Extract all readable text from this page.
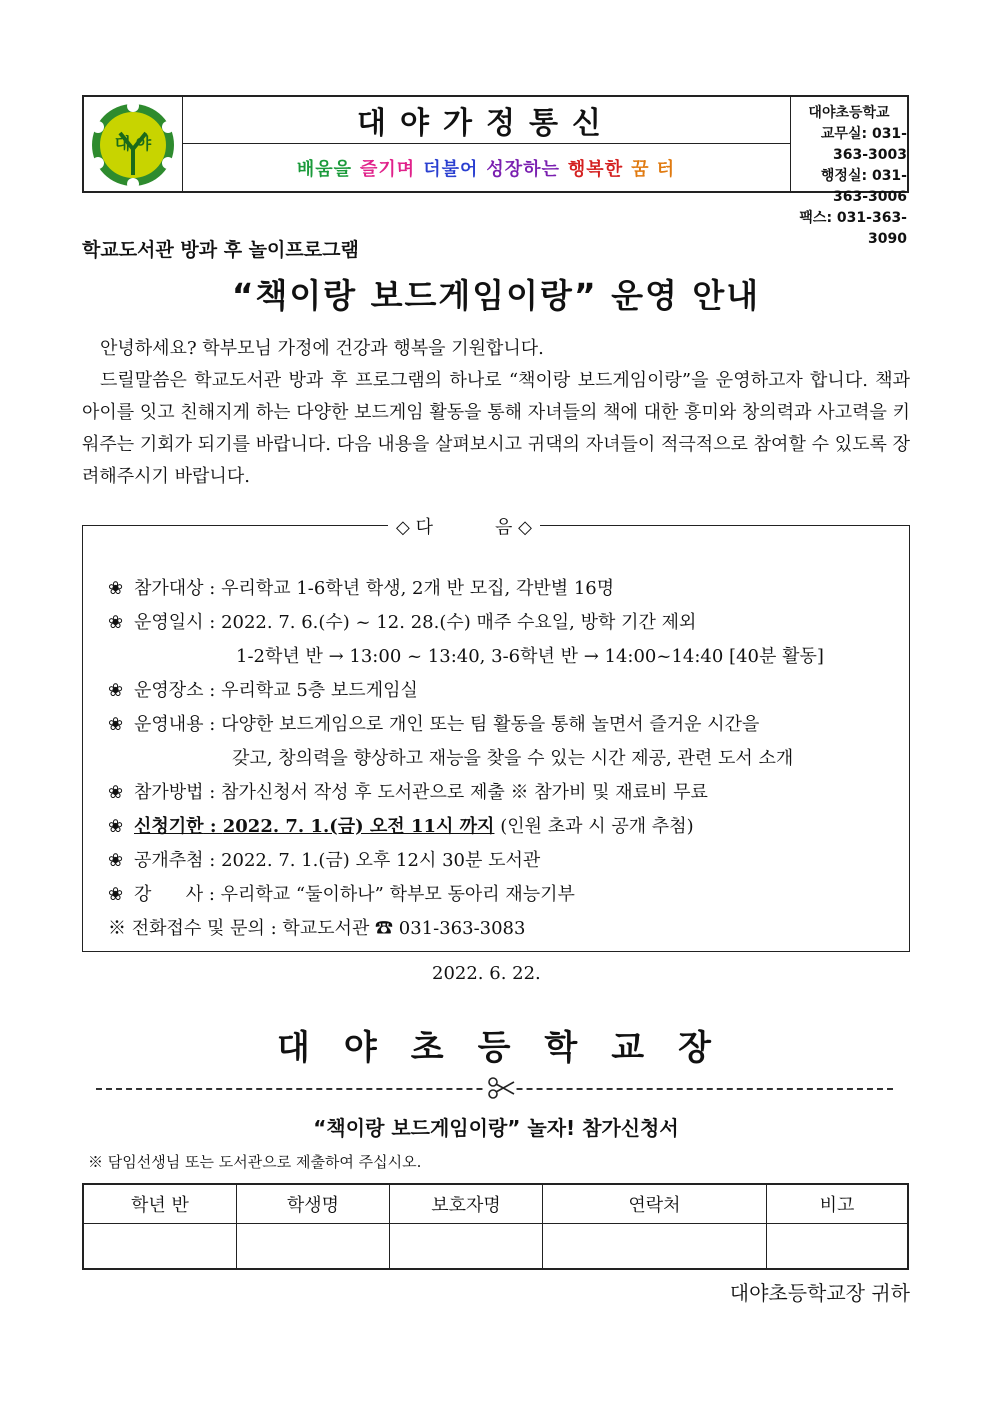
대 야
대야가정통신
배움을 즐기며 더불어 성장하는 행복한 꿈 터
대야초등학교
교무실: 031-363-3003
행정실: 031-363-3006
팩스: 031-363-3090
학교도서관 방과 후 놀이프로그램
“책이랑 보드게임이랑” 운영 안내
안녕하세요? 학부모님 가정에 건강과 행복을 기원합니다.
드릴말씀은 학교도서관 방과 후 프로그램의 하나로 “책이랑 보드게임이랑”을 운영하고자 합니다. 책과 아이를 잇고 친해지게 하는 다양한 보드게임 활동을 통해 자녀들의 책에 대한 흥미와 창의력과 사고력을 키워주는 기회가 되기를 바랍니다. 다음 내용을 살펴보시고 귀댁의 자녀들이 적극적으로 참여할 수 있도록 장려해주시기 바랍니다.
◇ 다	음 ◇
❀ 참가대상 : 우리학교 1-6학년 학생, 2개 반 모집, 각반별 16명
❀ 운영일시 : 2022. 7. 6.(수) ~ 12. 28.(수) 매주 수요일, 방학 기간 제외
1-2학년 반 → 13:00 ~ 13:40, 3-6학년 반 → 14:00~14:40 [40분 활동]
❀ 운영장소 : 우리학교 5층 보드게임실
❀ 운영내용 : 다양한 보드게임으로 개인 또는 팀 활동을 통해 놀면서 즐거운 시간을
갖고, 창의력을 향상하고 재능을 찾을 수 있는 시간 제공, 관련 도서 소개
❀ 참가방법 : 참가신청서 작성 후 도서관으로 제출 ※ 참가비 및 재료비 무료
❀ 신청기한 : 2022. 7. 1.(금) 오전 11시 까지 (인원 초과 시 공개 추첨)
❀ 공개추첨 : 2022. 7. 1.(금) 오후 12시 30분 도서관
❀ 강      사 : 우리학교 “둘이하나” 학부모 동아리 재능기부
※ 전화접수 및 문의 : 학교도서관 ☎ 031-363-3083
2022. 6. 22.
대야초등학교장
“책이랑 보드게임이랑” 놀자! 참가신청서
※ 담임선생님 또는 도서관으로 제출하여 주십시오.
학년 반	학생명	보호자명	연락처	비고

대야초등학교장 귀하
